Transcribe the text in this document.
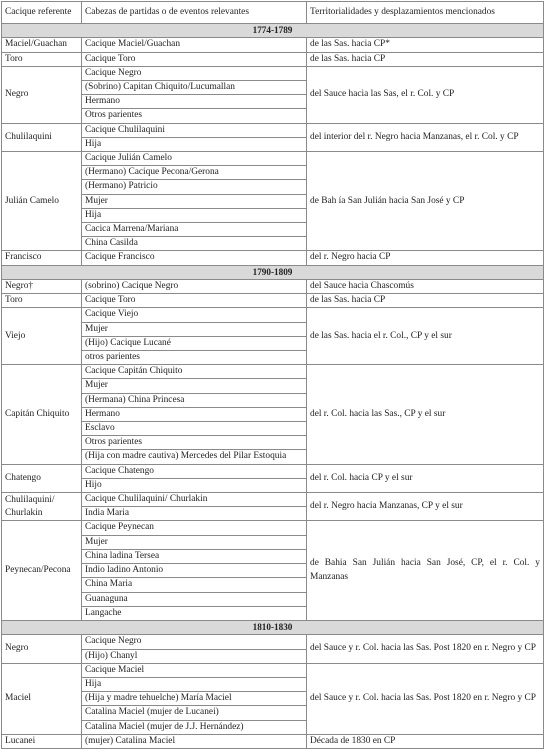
Cacique referente	Cabezas de partidas o de eventos relevantes	Territorialidades y desplazamientos mencionados
1774-1789		
Maciel/Guachan	Cacique Maciel/Guachan	de las Sas. hacia CP*
Toro	Cacique Toro	de las Sas. hacia CP
Negro	Cacique Negro	del Sauce hacia las Sas, el r. Col. y CP
	(Sobrino) Capitan Chiquito/Lucumallan	
	Hermano	
	Otros parientes	
Chulilaquini	Cacique Chulilaquini	del interior del r. Negro hacia Manzanas, el r. Col. y CP
	Hija	
Julián Camelo	Cacique Julián Camelo	de Bah ía San Julián hacia San José y CP
	(Hermano) Cacique Pecona/Gerona	
	(Hermano) Patricio	
	Mujer	
	Hija	
	Cacica Marrena/Mariana	
	China Casilda	
Francisco	Cacique Francisco	del r. Negro hacia CP
1790-1809		
Negro†	(sobrino) Cacique Negro	del Sauce hacia Chascomús
Toro	Cacique Toro	de las Sas. hacia CP
Viejo	Cacique Viejo	de las Sas. hacia el r. Col., CP y el sur
	Mujer	
	(Hijo) Cacique Lucané	
	otros parientes	
Capitán Chiquito	Cacique Capitán Chiquito	del r. Col. hacia las Sas., CP y el sur
	Mujer	
	(Hermana) China Princesa	
	Hermano	
	Esclavo	
	Otros parientes	
	(Hija con madre cautiva) Mercedes del Pilar Estoquia	
Chatengo	Cacique Chatengo	del r. Col. hacia CP y el sur
	Hijo	
Chulilaquini/ Churlakin	Cacique Chulilaquini/ Churlakin	del r. Negro hacia Manzanas, CP y el sur
	India Maria	
Peynecan/Pecona	Cacique Peynecan	de Bahia San Julián hacia San José, CP, el r. Col. y Manzanas
	Mujer	
	China ladina Tersea	
	Indio ladino Antonio	
	China Maria	
	Guanaguna	
	Langache	
1810-1830		
Negro	Cacique Negro	del Sauce y r. Col. hacia las Sas. Post 1820 en r. Negro y CP
	(Hijo) Chanyl	
Maciel	Cacique Maciel	del Sauce y r. Col. hacia las Sas. Post 1820 en r. Negro y CP
	Hija	
	(Hija y madre tehuelche) María Maciel	
	Catalina Maciel (mujer de Lucanei)	
	Catalina Maciel (mujer de J.J. Hernández)	
Lucanei	(mujer) Catalina Maciel	Década de 1830 en CP
